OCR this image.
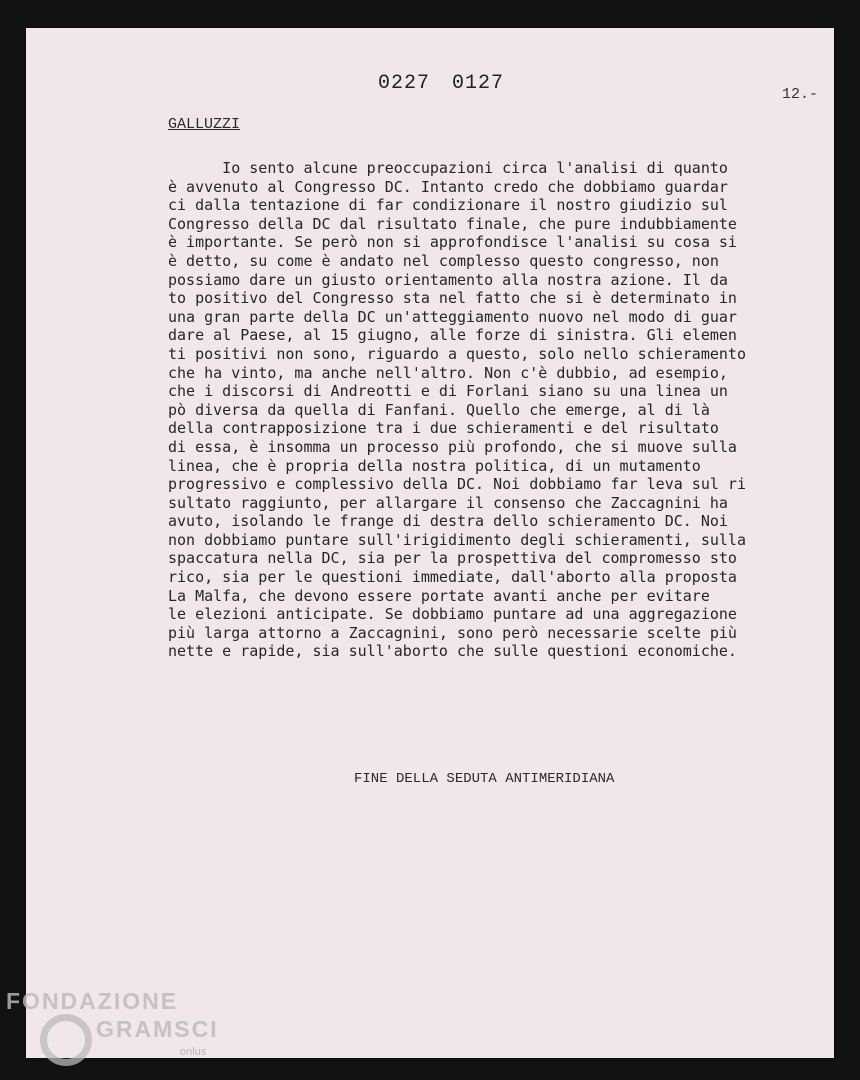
0227 0127	12.-
GALLUZZI
Io sento alcune preoccupazioni circa l'analisi di quanto
è avvenuto al Congresso DC. Intanto credo che dobbiamo guardar
ci dalla tentazione di far condizionare il nostro giudizio sul
Congresso della DC dal risultato finale, che pure indubbiamente
è importante. Se però non si approfondisce l'analisi su cosa si
è detto, su come è andato nel complesso questo congresso, non
possiamo dare un giusto orientamento alla nostra azione. Il da
to positivo del Congresso sta nel fatto che si è determinato in
una gran parte della DC un'atteggiamento nuovo nel modo di guar
dare al Paese, al 15 giugno, alle forze di sinistra. Gli elemen
ti positivi non sono, riguardo a questo, solo nello schieramento
che ha vinto, ma anche nell'altro. Non c'è dubbio, ad esempio,
che i discorsi di Andreotti e di Forlani siano su una linea un
pò diversa da quella di Fanfani. Quello che emerge, al di là
della contrapposizione tra i due schieramenti e del risultato
di essa, è insomma un processo più profondo, che si muove sulla
linea, che è propria della nostra politica, di un mutamento
progressivo e complessivo della DC. Noi dobbiamo far leva sul ri
sultato raggiunto, per allargare il consenso che Zaccagnini ha
avuto, isolando le frange di destra dello schieramento DC. Noi
non dobbiamo puntare sull'irigidimento degli schieramenti, sulla
spaccatura nella DC, sia per la prospettiva del compromesso sto
rico, sia per le questioni immediate, dall'aborto alla proposta
La Malfa, che devono essere portate avanti anche per evitare
le elezioni anticipate. Se dobbiamo puntare ad una aggregazione
più larga attorno a Zaccagnini, sono però necessarie scelte più
nette e rapide, sia sull'aborto che sulle questioni economiche.
FINE DELLA SEDUTA ANTIMERIDIANA
FONDAZIONE
GRAMSCI
onlus
